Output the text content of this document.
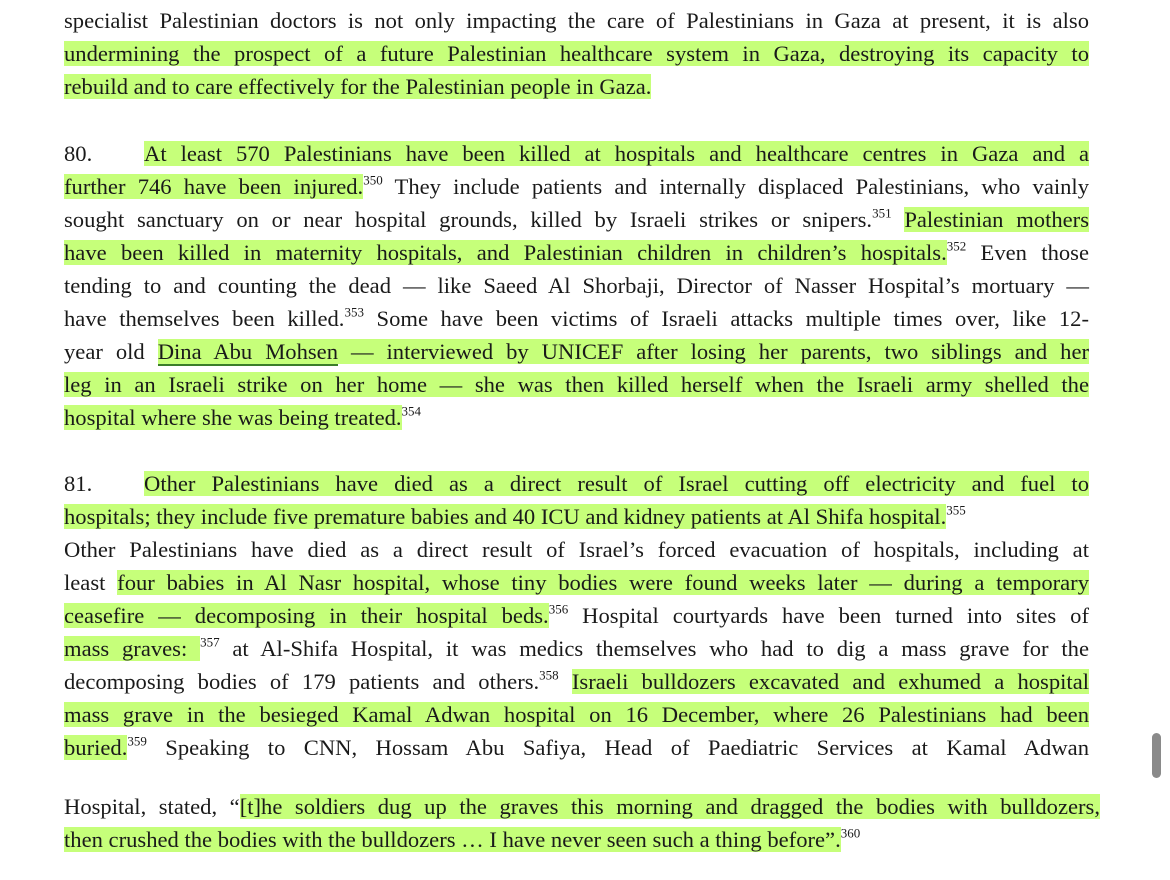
specialist Palestinian doctors is not only impacting the care of Palestinians in Gaza at present, it is also
undermining the prospect of a future Palestinian healthcare system in Gaza, destroying its capacity to
rebuild and to care effectively for the Palestinian people in Gaza.
80. At least 570 Palestinians have been killed at hospitals and healthcare centres in Gaza and a
further 746 have been injured.$^{350}$ They include patients and internally displaced Palestinians, who vainly
sought sanctuary on or near hospital grounds, killed by Israeli strikes or snipers.$^{351}$ Palestinian mothers
have been killed in maternity hospitals, and Palestinian children in children’s hospitals.$^{352}$ Even those
tending to and counting the dead — like Saeed Al Shorbaji, Director of Nasser Hospital’s mortuary —
have themselves been killed.$^{353}$ Some have been victims of Israeli attacks multiple times over, like 12-
year old Dina Abu Mohsen — interviewed by UNICEF after losing her parents, two siblings and her
leg in an Israeli strike on her home — she was then killed herself when the Israeli army shelled the
hospital where she was being treated.$^{354}$
81. Other Palestinians have died as a direct result of Israel cutting off electricity and fuel to
hospitals; they include five premature babies and 40 ICU and kidney patients at Al Shifa hospital.$^{355}$
Other Palestinians have died as a direct result of Israel’s forced evacuation of hospitals, including at
least four babies in Al Nasr hospital, whose tiny bodies were found weeks later — during a temporary
ceasefire — decomposing in their hospital beds.$^{356}$ Hospital courtyards have been turned into sites of
mass graves: $^{357}$ at Al-Shifa Hospital, it was medics themselves who had to dig a mass grave for the
decomposing bodies of 179 patients and others.$^{358}$ Israeli bulldozers excavated and exhumed a hospital
mass grave in the besieged Kamal Adwan hospital on 16 December, where 26 Palestinians had been
buried.$^{359}$ Speaking to CNN, Hossam Abu Safiya, Head of Paediatric Services at Kamal Adwan
Hospital, stated, “[t]he soldiers dug up the graves this morning and dragged the bodies with bulldozers,
then crushed the bodies with the bulldozers … I have never seen such a thing before”.$^{360}$
